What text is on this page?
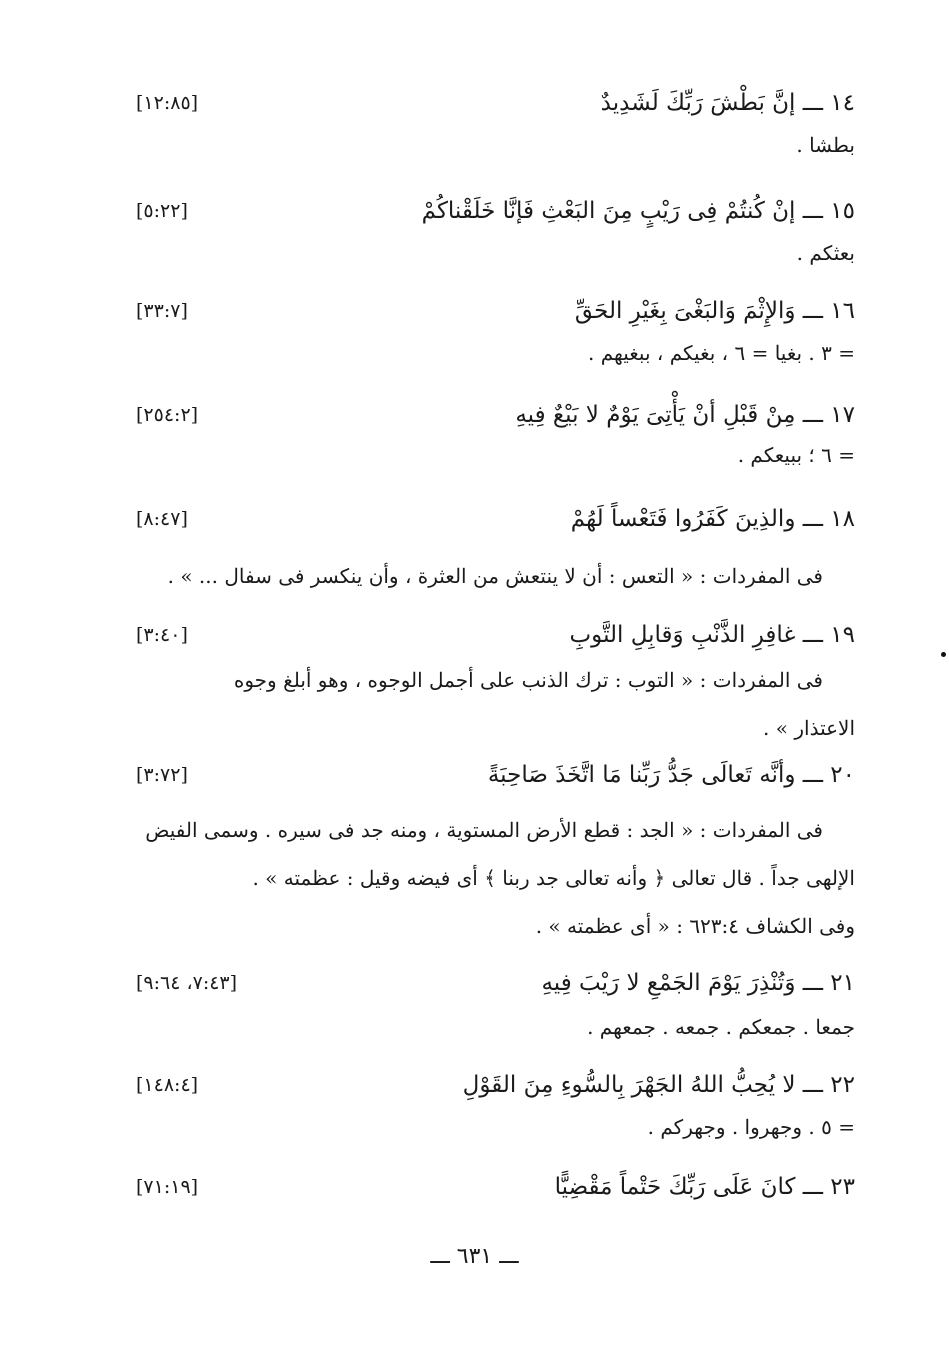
١٤ ـــ إنَّ بَطْشَ رَبِّكَ لَشَدِيدٌ
[١٢:٨٥]
بطشا .
١٥ ـــ إنْ كُنتُمْ فِى رَيْبٍ مِنَ البَعْثِ فَإنَّا خَلَقْناكُمْ
[٥:٢٢]
بعثكم .
١٦ ـــ وَالإِثْمَ وَالبَغْىَ بِغَيْرِ الحَقِّ
[٣٣:٧]
= ٣ . بغيا = ٦ ، بغيكم ، ببغيهم .
١٧ ـــ مِنْ قَبْلِ أنْ يَأْتِىَ يَوْمٌ لا بَيْعٌ فِيهِ
[٢٥٤:٢]
= ٦ ؛ ببيعكم .
١٨ ـــ والذِينَ كَفَرُوا فَتَعْساً لَهُمْ
[٨:٤٧]
فى المفردات : « التعس : أن لا ينتعش من العثرة ، وأن ينكسر فى سفال ... » .
١٩ ـــ غافِرِ الذَّنْبِ وَقابِلِ التَّوبِ
[٣:٤٠]
فى المفردات : « التوب : ترك الذنب على أجمل الوجوه ، وهو أبلغ وجوه
الاعتذار » .
٢٠ ـــ وأنَّه تَعالَى جَدُّ رَبِّنا مَا اتَّخَذَ صَاحِبَةً
[٣:٧٢]
فى المفردات : « الجد : قطع الأرض المستوية ، ومنه جد فى سيره . وسمى الفيض
الإلهى جداً . قال تعالى ﴿ وأنه تعالى جد ربنا ﴾ أى فيضه وقيل : عظمته » .
وفى الكشاف ٦٢٣:٤ : « أى عظمته » .
٢١ ـــ وَتُنْذِرَ يَوْمَ الجَمْعِ لا رَيْبَ فِيهِ
[٧:٤٣، ٩:٦٤]
جمعا . جمعكم . جمعه . جمعهم .
٢٢ ـــ لا يُحِبُّ اللهُ الجَهْرَ بِالسُّوءِ مِنَ القَوْلِ
[١٤٨:٤]
= ٥ . وجهروا . وجهركم .
٢٣ ـــ كانَ عَلَى رَبِّكَ حَتْماً مَقْضِيًّا
[٧١:١٩]
ـــ ٦٣١ ـــ
